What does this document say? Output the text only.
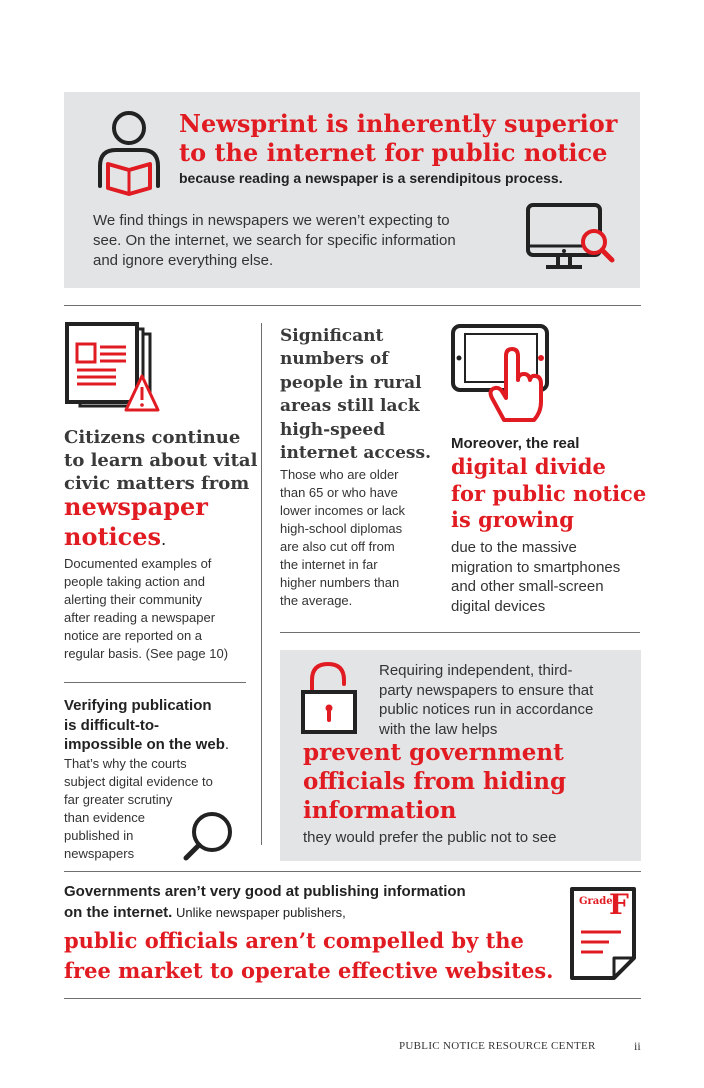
Newsprint is inherently superior
to the internet for public notice
because reading a newspaper is a serendipitous process.
We find things in newspapers we weren’t expecting to
see. On the internet, we search for specific information
and ignore everything else.
Citizens continue
to learn about vital
civic matters from
newspaper
notices.
Documented examples of
people taking action and
alerting their community
after reading a newspaper
notice are reported on a
regular basis. (See page 10)
Significant
numbers of
people in rural
areas still lack
high-speed
internet access.
Those who are older
than 65 or who have
lower incomes or lack
high-school diplomas
are also cut off from
the internet in far
higher numbers than
the average.
Moreover, the real
digital divide
for public notice
is growing
due to the massive
migration to smartphones
and other small-screen
digital devices
Verifying publication
is difficult-to-
impossible on the web.
That’s why the courts
subject digital evidence to
far greater scrutiny
than evidence
published in
newspapers
Requiring independent, third-
party newspapers to ensure that
public notices run in accordance
with the law helps
prevent government
officials from hiding
information
they would prefer the public not to see
Governments aren’t very good at publishing information
on the internet. Unlike newspaper publishers,
public officials aren’t compelled by the
free market to operate effective websites.
Grade
F
PUBLIC NOTICE RESOURCE CENTER	ii
